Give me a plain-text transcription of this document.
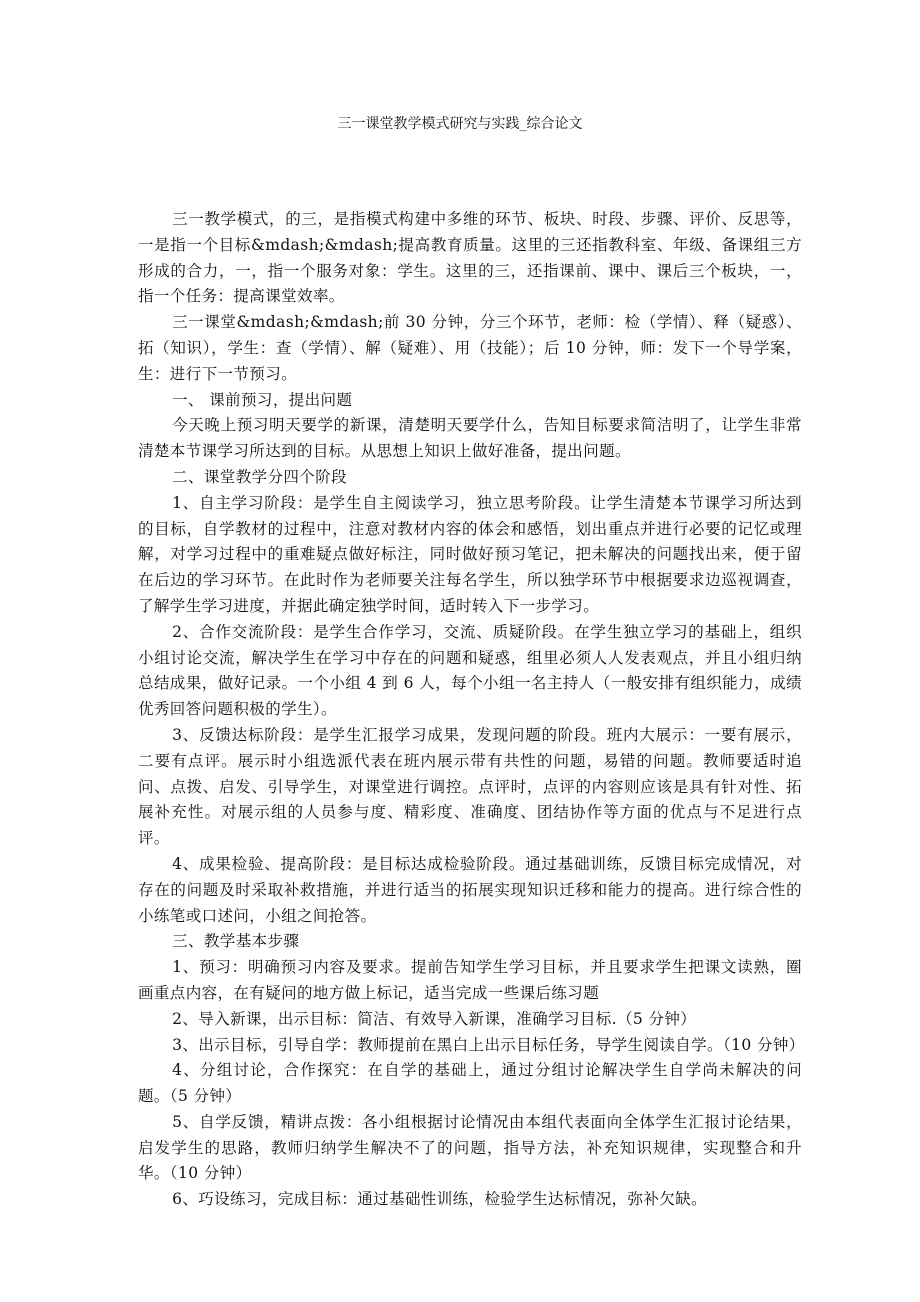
三一课堂教学模式研究与实践_综合论文

三一教学模式，的三，是指模式构建中多维的环节、板块、时段、步骤、评价、反思等，一是指一个目标&mdash;&mdash;提高教育质量。这里的三还指教科室、年级、备课组三方形成的合力，一，指一个服务对象：学生。这里的三，还指课前、课中、课后三个板块，一，指一个任务：提高课堂效率。

三一课堂&mdash;&mdash;前 30 分钟，分三个环节，老师：检（学情）、释（疑惑）、拓（知识），学生：查（学情）、解（疑难）、用（技能）；后 10 分钟，师：发下一个导学案，生：进行下一节预习。

一、 课前预习，提出问题

今天晚上预习明天要学的新课，清楚明天要学什么，告知目标要求简洁明了，让学生非常清楚本节课学习所达到的目标。从思想上知识上做好准备，提出问题。

二、课堂教学分四个阶段

1、自主学习阶段：是学生自主阅读学习，独立思考阶段。让学生清楚本节课学习所达到的目标，自学教材的过程中，注意对教材内容的体会和感悟，划出重点并进行必要的记忆或理解，对学习过程中的重难疑点做好标注，同时做好预习笔记，把未解决的问题找出来，便于留在后边的学习环节。在此时作为老师要关注每名学生，所以独学环节中根据要求边巡视调查，了解学生学习进度，并据此确定独学时间，适时转入下一步学习。

2、合作交流阶段：是学生合作学习，交流、质疑阶段。在学生独立学习的基础上，组织小组讨论交流，解决学生在学习中存在的问题和疑惑，组里必须人人发表观点，并且小组归纳总结成果，做好记录。一个小组 4 到 6 人，每个小组一名主持人（一般安排有组织能力，成绩优秀回答问题积极的学生）。

3、反馈达标阶段：是学生汇报学习成果，发现问题的阶段。班内大展示：一要有展示，二要有点评。展示时小组选派代表在班内展示带有共性的问题，易错的问题。教师要适时追问、点拨、启发、引导学生，对课堂进行调控。点评时，点评的内容则应该是具有针对性、拓展补充性。对展示组的人员参与度、精彩度、准确度、团结协作等方面的优点与不足进行点评。

4、成果检验、提高阶段：是目标达成检验阶段。通过基础训练，反馈目标完成情况，对存在的问题及时采取补救措施，并进行适当的拓展实现知识迁移和能力的提高。进行综合性的小练笔或口述问，小组之间抢答。

三、教学基本步骤

1、预习：明确预习内容及要求。提前告知学生学习目标，并且要求学生把课文读熟，圈画重点内容，在有疑问的地方做上标记，适当完成一些课后练习题

2、导入新课，出示目标：简洁、有效导入新课，准确学习目标.（5 分钟）

3、出示目标，引导自学：教师提前在黑白上出示目标任务，导学生阅读自学。（10 分钟）

4、分组讨论，合作探究：在自学的基础上，通过分组讨论解决学生自学尚未解决的问题。（5 分钟）

5、自学反馈，精讲点拨：各小组根据讨论情况由本组代表面向全体学生汇报讨论结果，启发学生的思路，教师归纳学生解决不了的问题，指导方法，补充知识规律，实现整合和升华。（10 分钟）

6、巧设练习，完成目标：通过基础性训练，检验学生达标情况，弥补欠缺。
